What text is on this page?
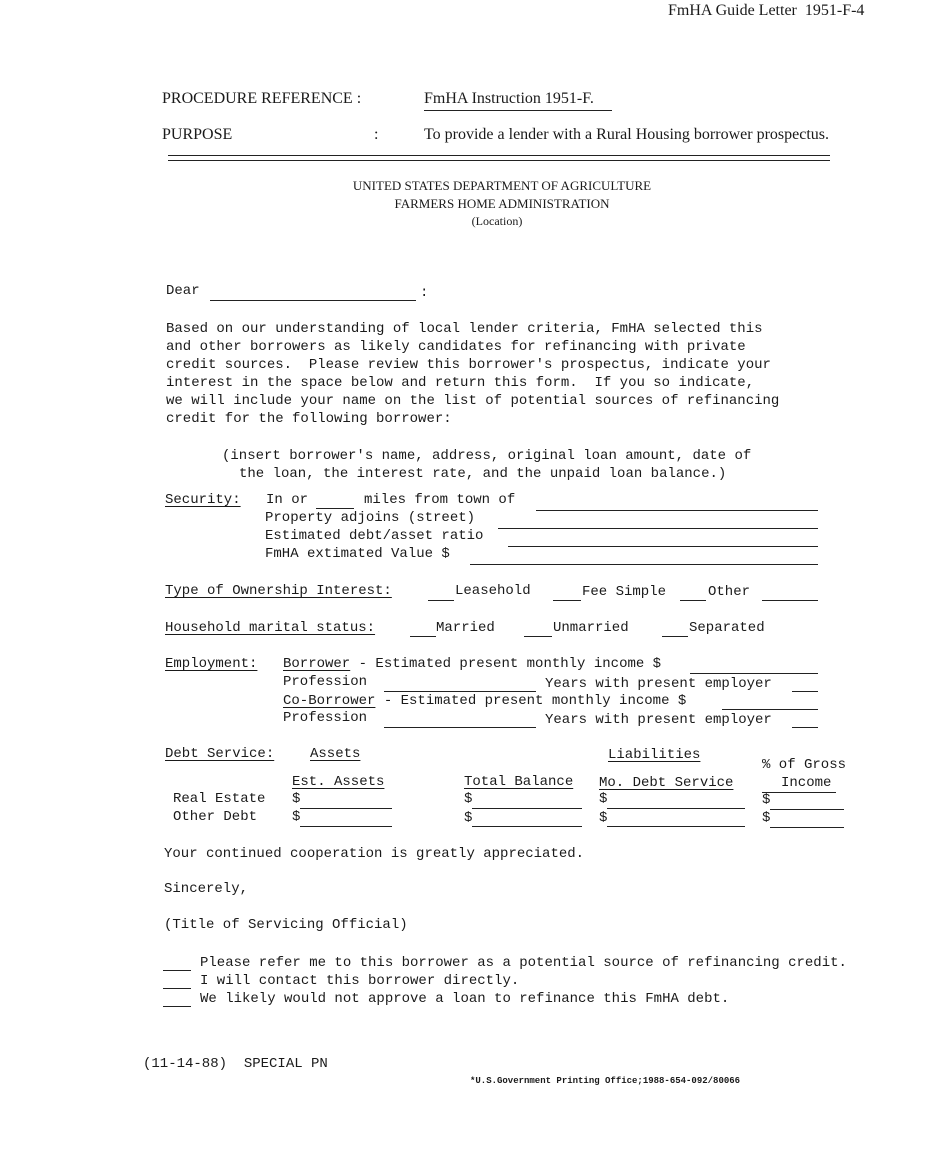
FmHA Guide Letter  1951-F-4
PROCEDURE REFERENCE :	FmHA Instruction 1951-F.
PURPOSE	:	To provide a lender with a Rural Housing borrower prospectus.
UNITED STATES DEPARTMENT OF AGRICULTURE
FARMERS HOME ADMINISTRATION
(Location)
Dear	:
Based on our understanding of local lender criteria, FmHA selected this
and other borrowers as likely candidates for refinancing with private
credit sources.  Please review this borrower's prospectus, indicate your
interest in the space below and return this form.  If you so indicate,
we will include your name on the list of potential sources of refinancing
credit for the following borrower:
(insert borrower's name, address, original loan amount, date of
the loan, the interest rate, and the unpaid loan balance.)
Security: In or	miles from town of
Property adjoins (street)
Estimated debt/asset ratio
FmHA extimated Value $
Type of Ownership Interest:	Leasehold	Fee Simple	Other
Household marital status:	Married	Unmarried	Separated
Employment: Borrower - Estimated present monthly income $
Profession	Years with present employer
Co-Borrower - Estimated present monthly income $
Profession	Years with present employer
Debt Service:	Assets	Liabilities
% of Gross
Income
Est. Assets	Total Balance Mo. Debt Service
Real Estate $	$	$	$
Other Debt $	$	$	$
Your continued cooperation is greatly appreciated.
Sincerely,
(Title of Servicing Official)
Please refer me to this borrower as a potential source of refinancing credit.
I will contact this borrower directly.
We likely would not approve a loan to refinance this FmHA debt.
(11-14-88)  SPECIAL PN
*U.S.Government Printing Office;1988-654-092/80066
